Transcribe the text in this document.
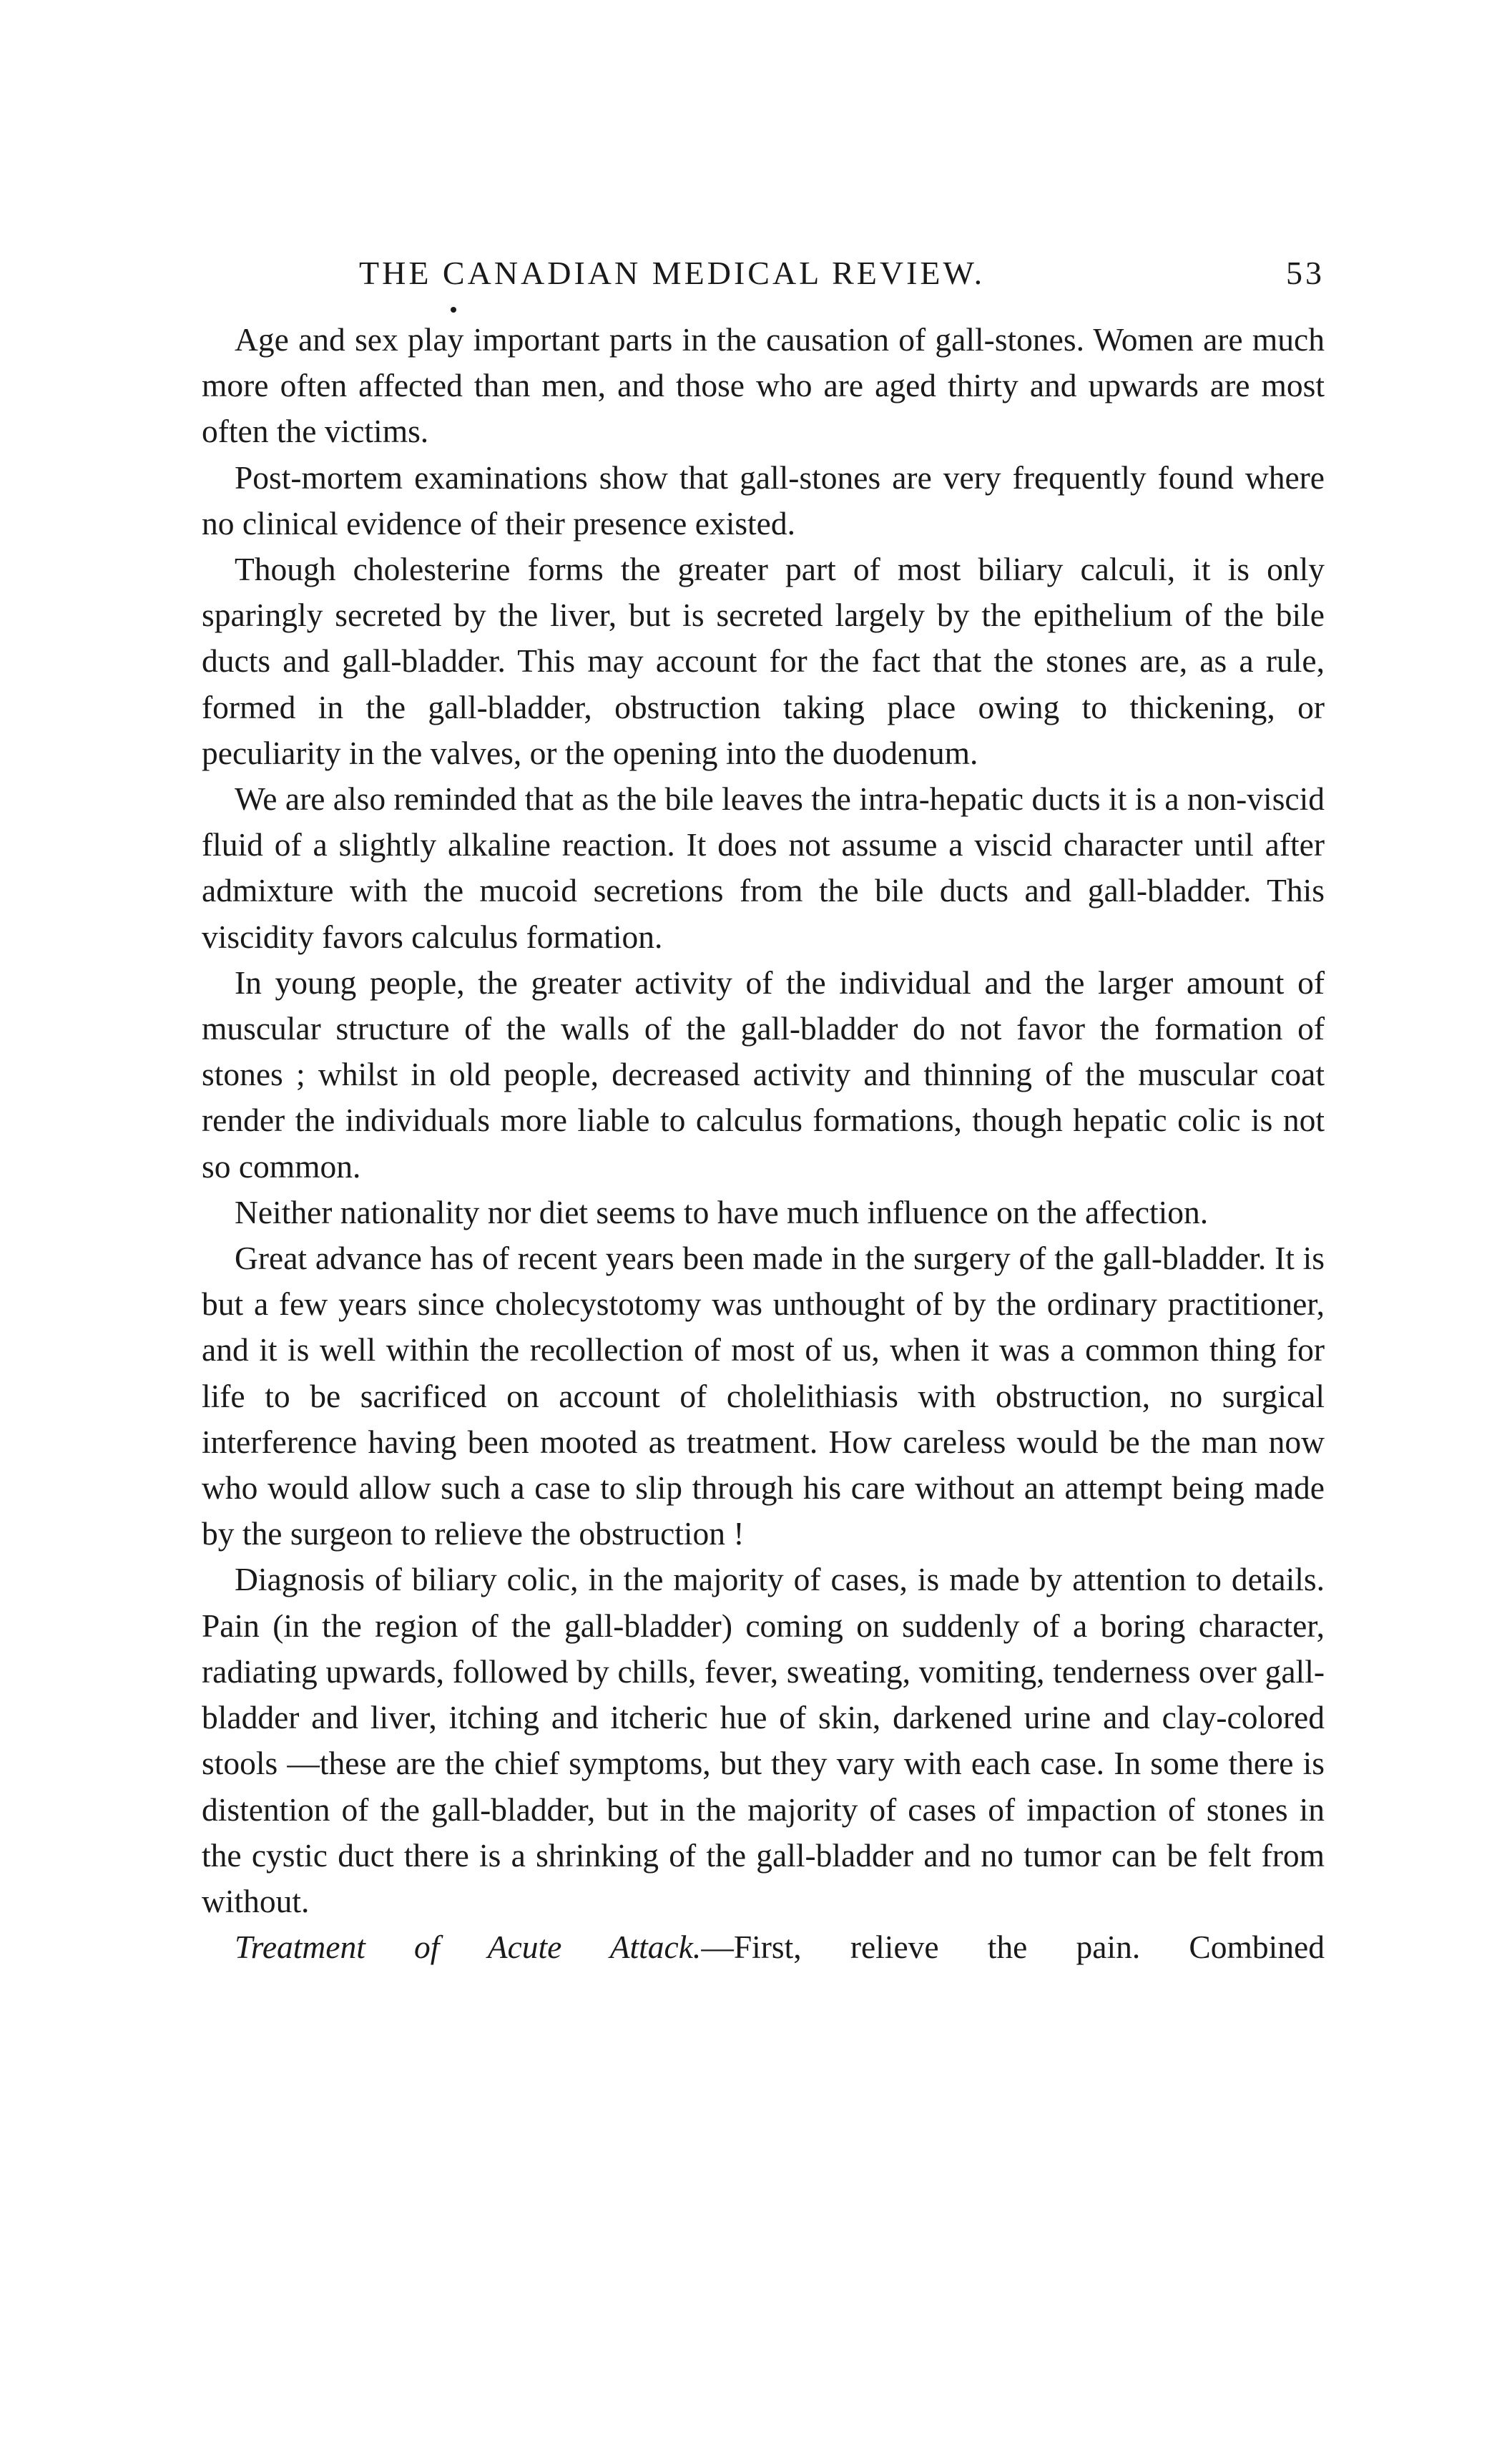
THE CANADIAN MEDICAL REVIEW.	53

Age and sex play important parts in the causation of gall-stones. Women are much more often affected than men, and those who are aged thirty and upwards are most often the victims.

Post-mortem examinations show that gall-stones are very frequently found where no clinical evidence of their presence existed.

Though cholesterine forms the greater part of most biliary calculi, it is only sparingly secreted by the liver, but is secreted largely by the epithelium of the bile ducts and gall-bladder. This may account for the fact that the stones are, as a rule, formed in the gall-bladder, obstruction taking place owing to thickening, or peculiarity in the valves, or the opening into the duodenum.

We are also reminded that as the bile leaves the intra-hepatic ducts it is a non-viscid fluid of a slightly alkaline reaction. It does not assume a viscid character until after admixture with the mucoid secretions from the bile ducts and gall-bladder. This viscidity favors calculus formation.

In young people, the greater activity of the individual and the larger amount of muscular structure of the walls of the gall-bladder do not favor the formation of stones ; whilst in old people, decreased activity and thinning of the muscular coat render the individuals more liable to calculus formations, though hepatic colic is not so common.

Neither nationality nor diet seems to have much influence on the affection.

Great advance has of recent years been made in the surgery of the gall-bladder. It is but a few years since cholecystotomy was unthought of by the ordinary practitioner, and it is well within the recollection of most of us, when it was a common thing for life to be sacrificed on account of cholelithiasis with obstruction, no surgical interference having been mooted as treatment. How careless would be the man now who would allow such a case to slip through his care without an attempt being made by the surgeon to relieve the obstruction !

Diagnosis of biliary colic, in the majority of cases, is made by attention to details. Pain (in the region of the gall-bladder) coming on suddenly of a boring character, radiating upwards, followed by chills, fever, sweating, vomiting, tenderness over gall-bladder and liver, itching and itcheric hue of skin, darkened urine and clay-colored stools —these are the chief symptoms, but they vary with each case. In some there is distention of the gall-bladder, but in the majority of cases of impaction of stones in the cystic duct there is a shrinking of the gall-bladder and no tumor can be felt from without.

Treatment of Acute Attack.—First, relieve the pain. Combined
